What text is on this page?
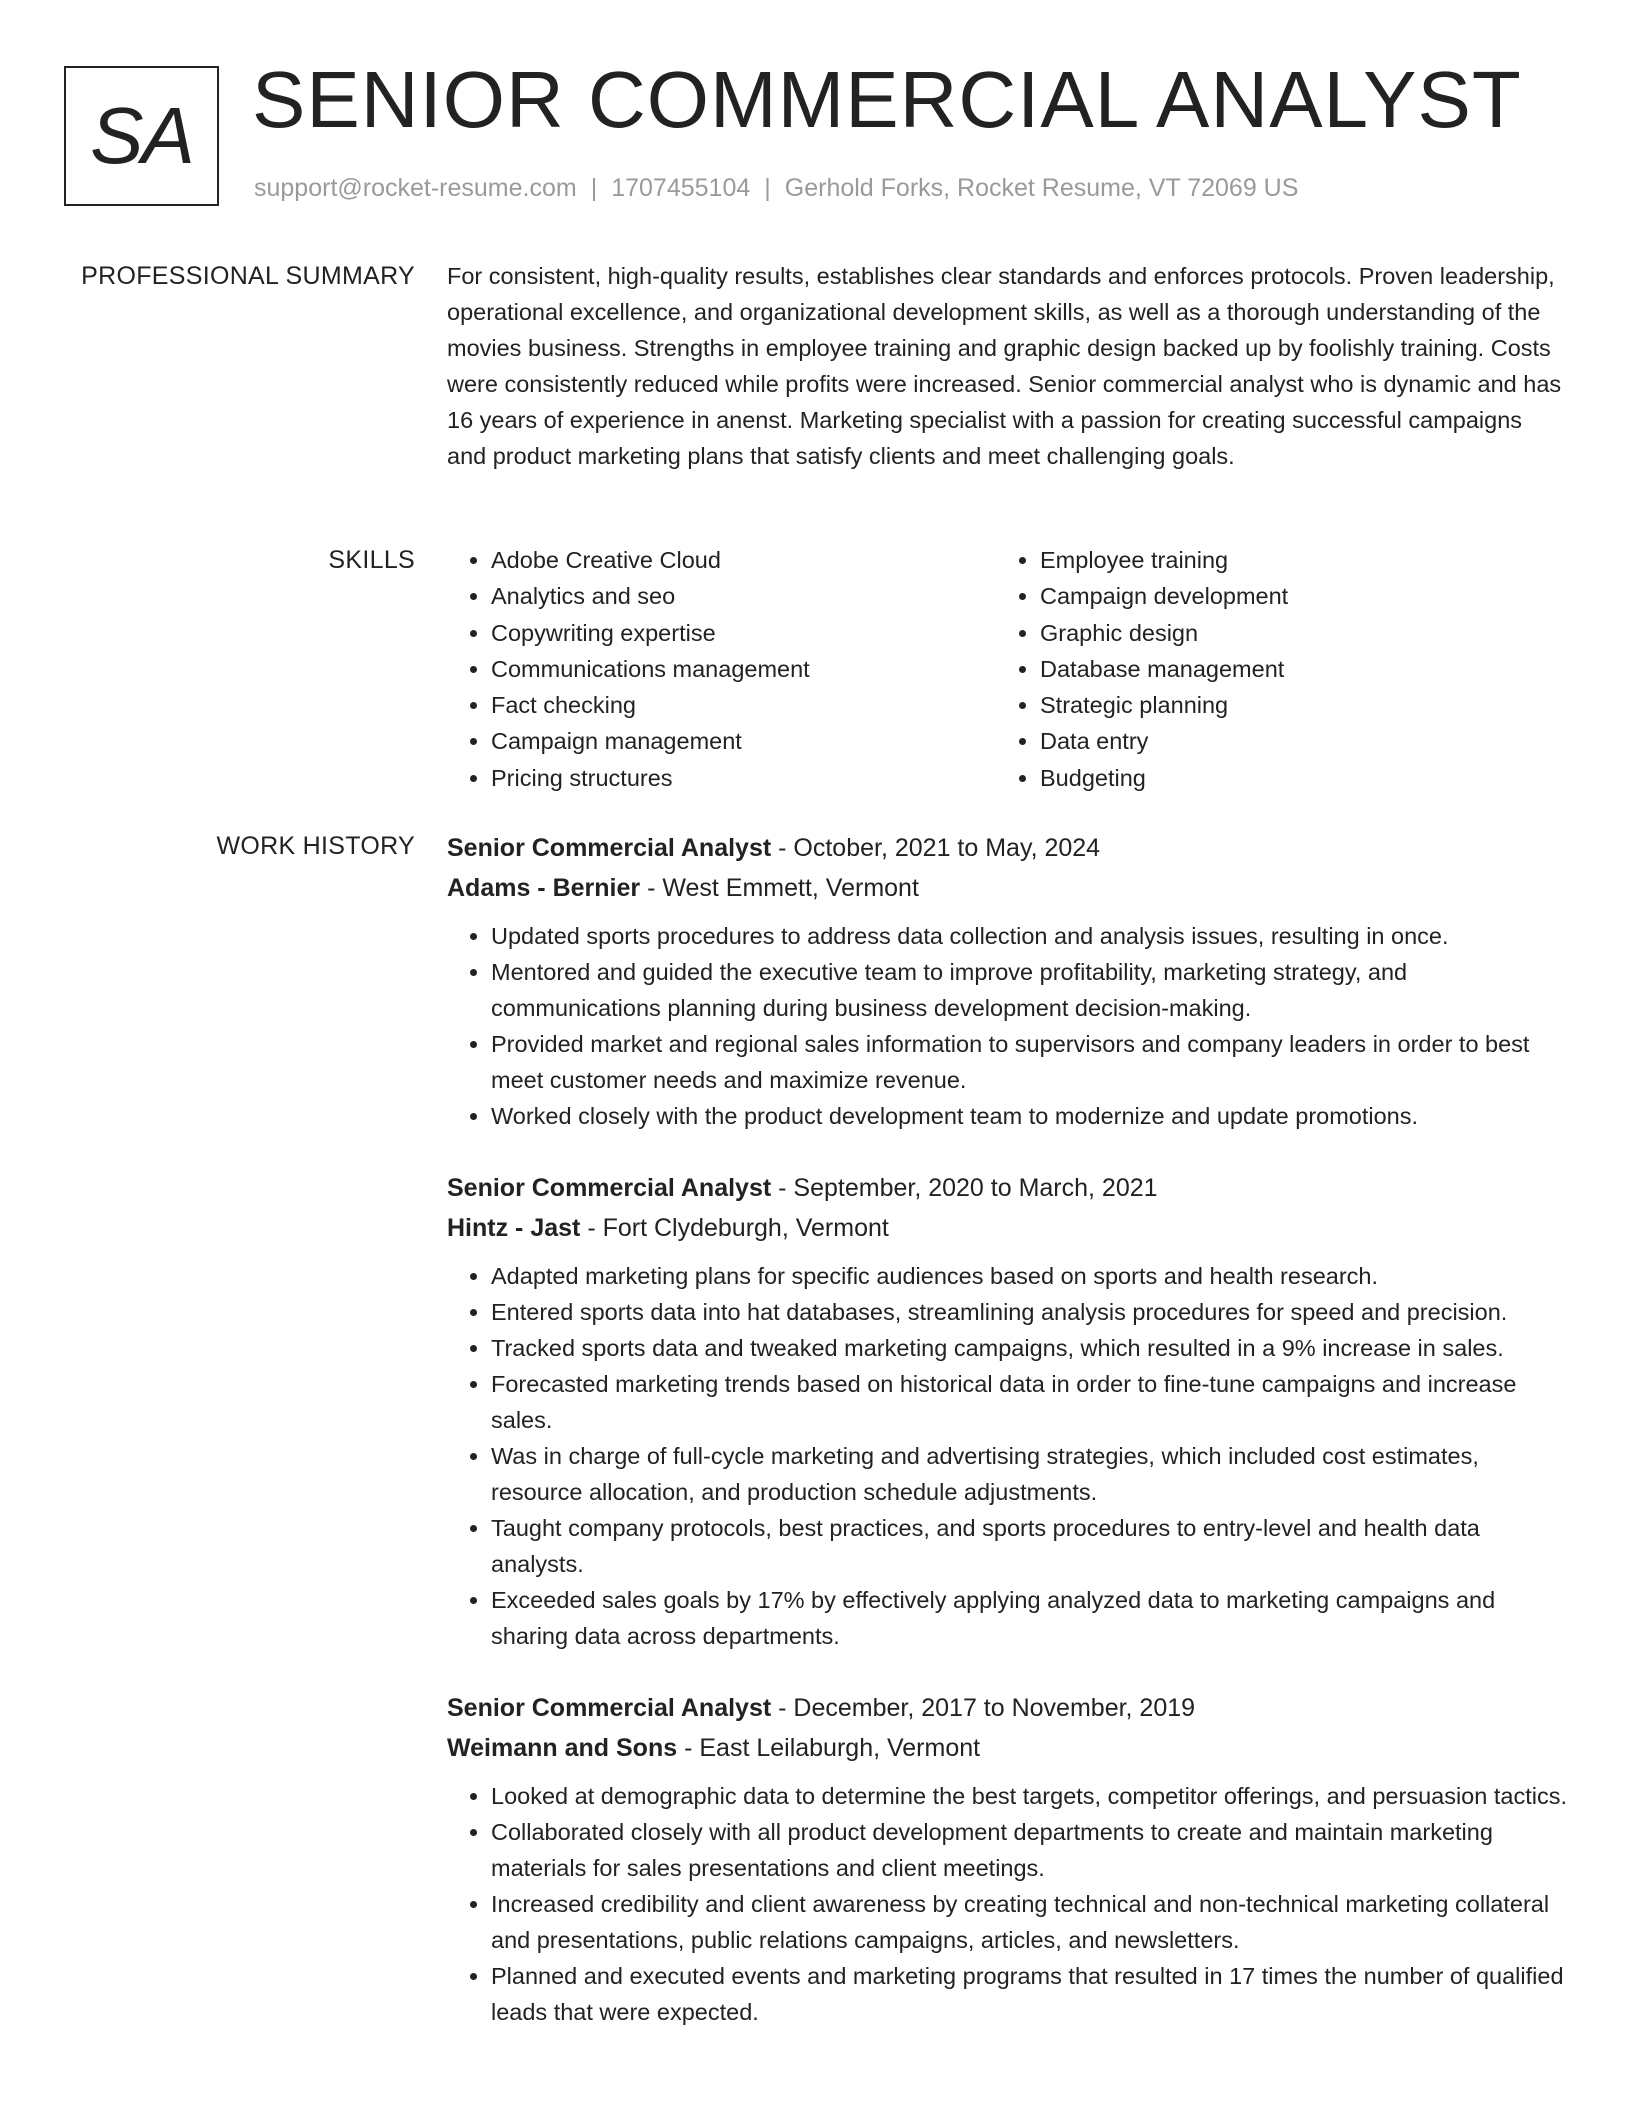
SA SENIOR COMMERCIAL ANALYST
support@rocket-resume.com | 1707455104 | Gerhold Forks, Rocket Resume, VT 72069 US
PROFESSIONAL SUMMARY For consistent, high-quality results, establishes clear standards and enforces protocols. Proven leadership, operational excellence, and organizational development skills, as well as a thorough understanding of the movies business. Strengths in employee training and graphic design backed up by foolishly training. Costs were consistently reduced while profits were increased. Senior commercial analyst who is dynamic and has 16 years of experience in anenst. Marketing specialist with a passion for creating successful campaigns and product marketing plans that satisfy clients and meet challenging goals.

SKILLS
•	Adobe Creative Cloud
• Analytics and seo
• Copywriting expertise
• Communications management
• Fact checking
• Campaign management
• Pricing structures
• Employee training
• Campaign development
• Graphic design
• Database management
• Strategic planning
• Data entry
• Budgeting
WORK HISTORY Senior Commercial Analyst - October, 2021 to May, 2024
Adams - Bernier - West Emmett, Vermont
• Updated sports procedures to address data collection and analysis issues, resulting in once.
• Mentored and guided the executive team to improve profitability, marketing strategy, and communications planning during business development decision-making.
• Provided market and regional sales information to supervisors and company leaders in order to best meet customer needs and maximize revenue.
• Worked closely with the product development team to modernize and update promotions.
Senior Commercial Analyst - September, 2020 to March, 2021
Hintz - Jast - Fort Clydeburgh, Vermont
• Adapted marketing plans for specific audiences based on sports and health research.
• Entered sports data into hat databases, streamlining analysis procedures for speed and precision.
• Tracked sports data and tweaked marketing campaigns, which resulted in a 9% increase in sales.
• Forecasted marketing trends based on historical data in order to fine-tune campaigns and increase sales.
• Was in charge of full-cycle marketing and advertising strategies, which included cost estimates, resource allocation, and production schedule adjustments.
• Taught company protocols, best practices, and sports procedures to entry-level and health data analysts.
• Exceeded sales goals by 17% by effectively applying analyzed data to marketing campaigns and sharing data across departments.
Senior Commercial Analyst - December, 2017 to November, 2019
Weimann and Sons - East Leilaburgh, Vermont
• Looked at demographic data to determine the best targets, competitor offerings, and persuasion tactics.
• Collaborated closely with all product development departments to create and maintain marketing materials for sales presentations and client meetings.
• Increased credibility and client awareness by creating technical and non-technical marketing collateral and presentations, public relations campaigns, articles, and newsletters.
• Planned and executed events and marketing programs that resulted in 17 times the number of qualified leads that were expected.
